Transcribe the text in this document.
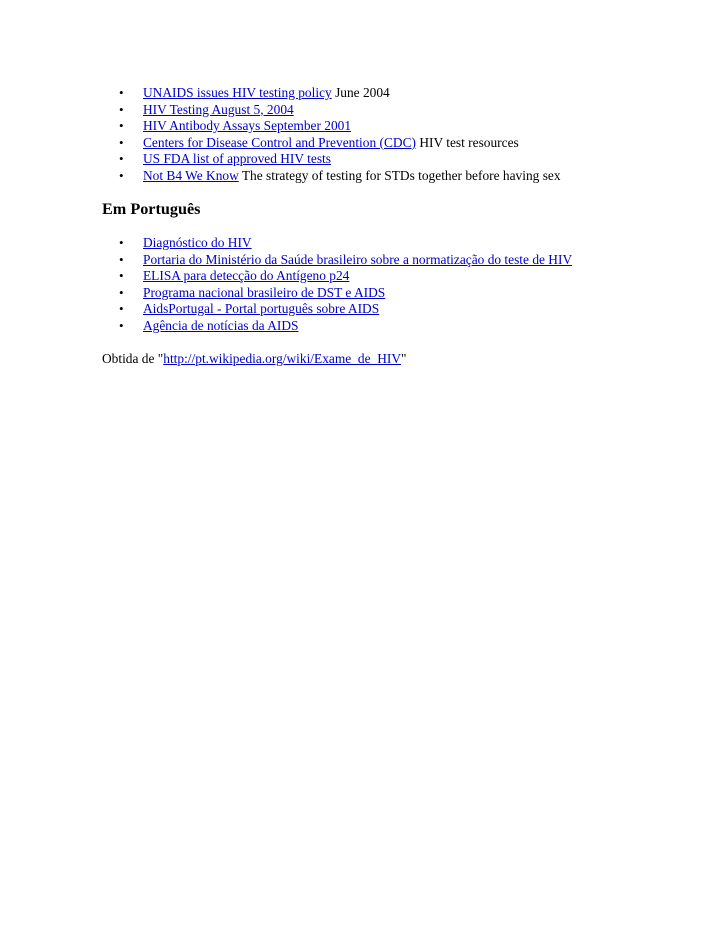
• UNAIDS issues HIV testing policy June 2004
• HIV Testing August 5, 2004
• HIV Antibody Assays September 2001
• Centers for Disease Control and Prevention (CDC) HIV test resources
• US FDA list of approved HIV tests
• Not B4 We Know The strategy of testing for STDs together before having sex
Em Português
• Diagnóstico do HIV
• Portaria do Ministério da Saúde brasileiro sobre a normatização do teste de HIV
• ELISA para detecção do Antígeno p24
• Programa nacional brasileiro de DST e AIDS
• AidsPortugal - Portal português sobre AIDS
• Agência de notícias da AIDS
Obtida de "http://pt.wikipedia.org/wiki/Exame_de_HIV"
